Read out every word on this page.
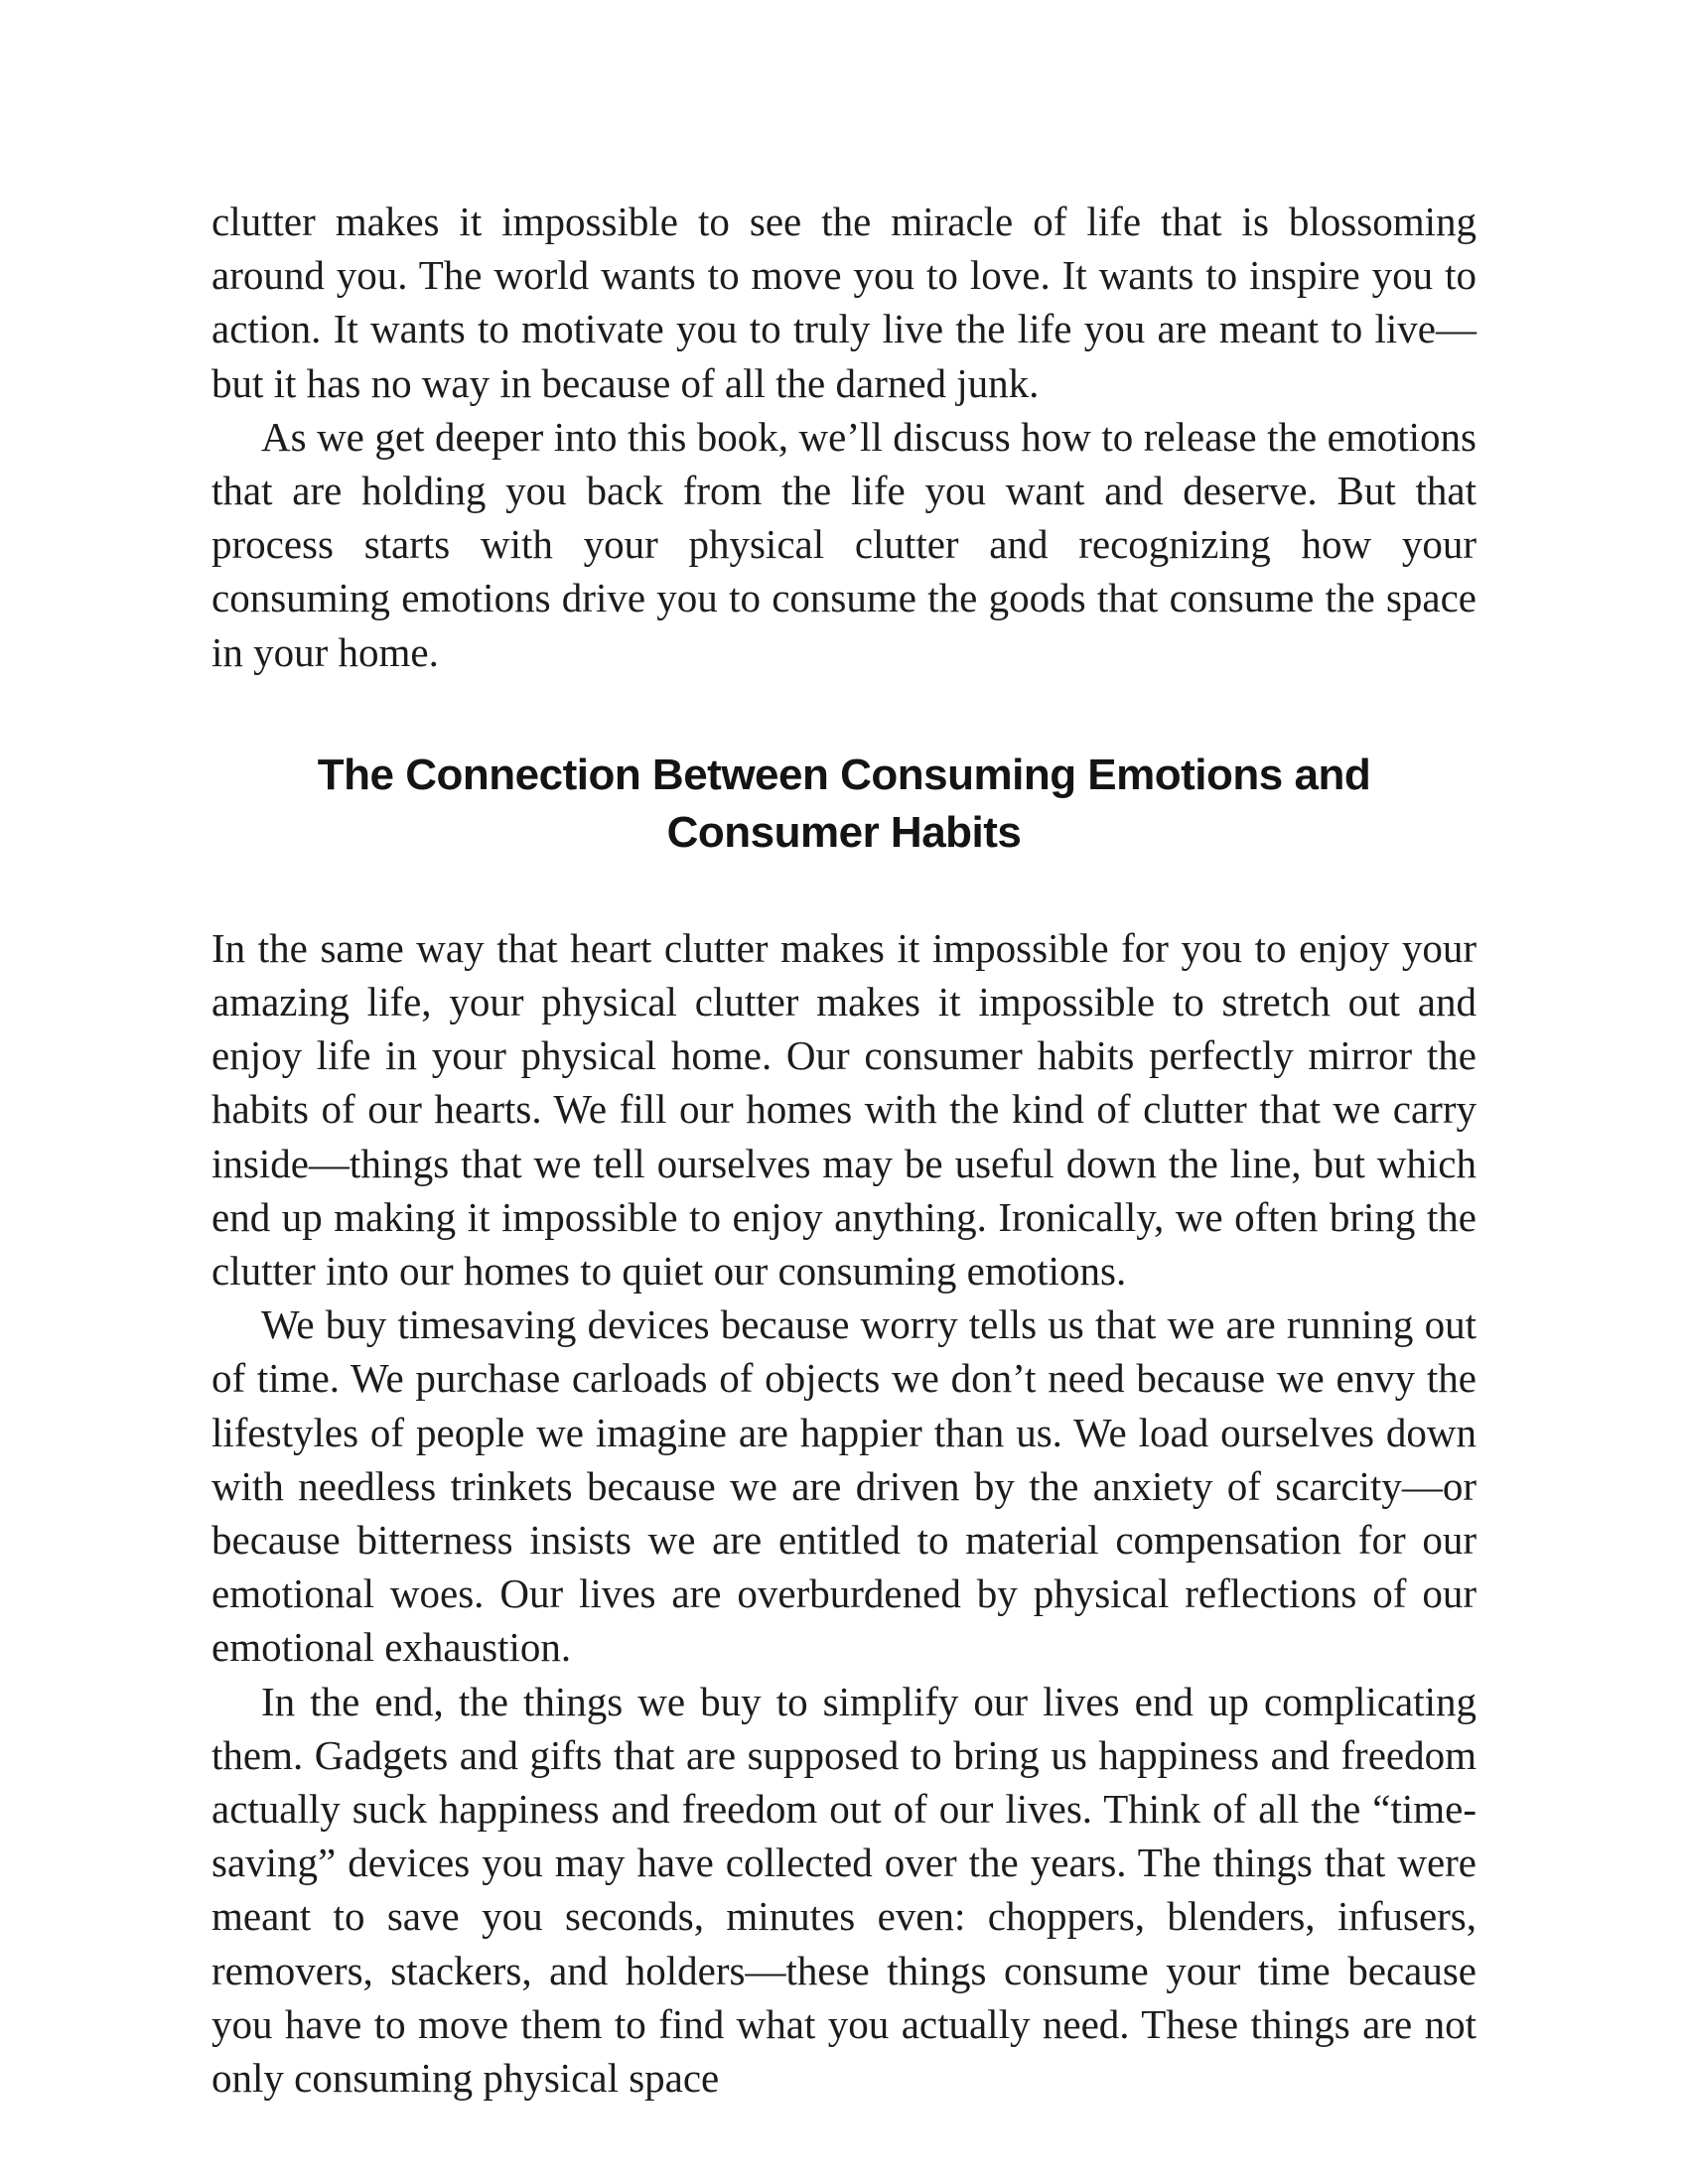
clutter makes it impossible to see the miracle of life that is blossoming around you. The world wants to move you to love. It wants to inspire you to action. It wants to motivate you to truly live the life you are meant to live—but it has no way in because of all the darned junk.

As we get deeper into this book, we’ll discuss how to release the emotions that are holding you back from the life you want and deserve. But that process starts with your physical clutter and recognizing how your consuming emotions drive you to consume the goods that consume the space in your home.

The Connection Between Consuming Emotions and Consumer Habits

In the same way that heart clutter makes it impossible for you to enjoy your amazing life, your physical clutter makes it impossible to stretch out and enjoy life in your physical home. Our consumer habits perfectly mirror the habits of our hearts. We fill our homes with the kind of clutter that we carry inside—things that we tell ourselves may be useful down the line, but which end up making it impossible to enjoy anything. Ironically, we often bring the clutter into our homes to quiet our consuming emotions.

We buy timesaving devices because worry tells us that we are running out of time. We purchase carloads of objects we don’t need because we envy the lifestyles of people we imagine are happier than us. We load ourselves down with needless trinkets because we are driven by the anxiety of scarcity—or because bitterness insists we are entitled to material compensation for our emotional woes. Our lives are overburdened by physical reflections of our emotional exhaustion.

In the end, the things we buy to simplify our lives end up complicating them. Gadgets and gifts that are supposed to bring us happiness and freedom actually suck happiness and freedom out of our lives. Think of all the “time-saving” devices you may have collected over the years. The things that were meant to save you seconds, minutes even: choppers, blenders, infusers, removers, stackers, and holders—these things consume your time because you have to move them to find what you actually need. These things are not only consuming physical space
